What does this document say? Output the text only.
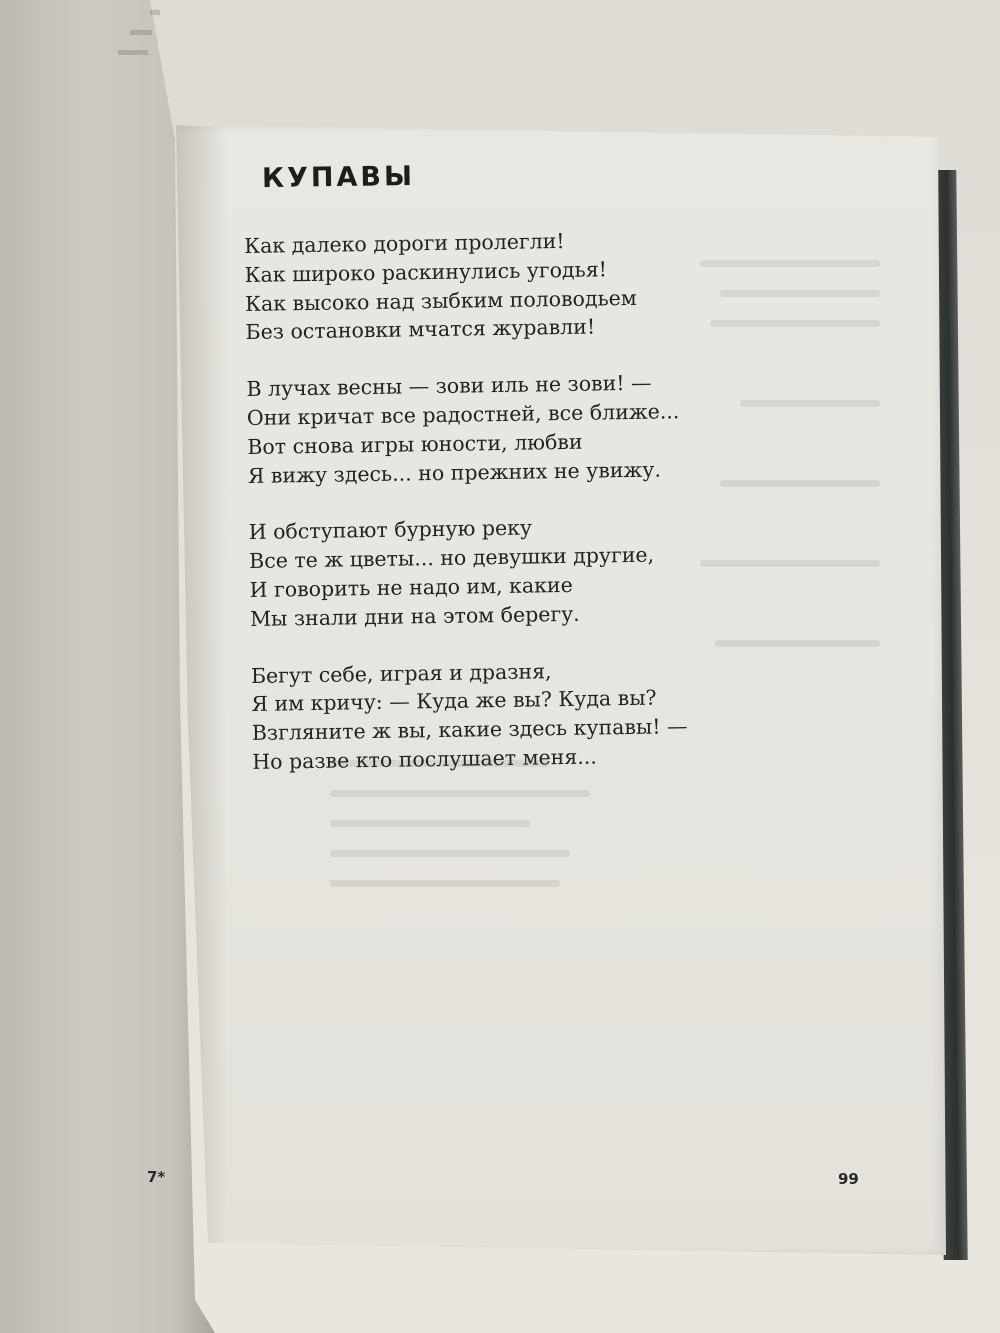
КУПАВЫ
Как далеко дороги пролегли!
Как широко раскинулись угодья!
Как высоко над зыбким половодьем
Без остановки мчатся журавли!
В лучах весны — зови иль не зови! —
Они кричат все радостней, все ближе...
Вот снова игры юности, любви
Я вижу здесь... но прежних не увижу.
И обступают бурную реку
Все те ж цветы... но девушки другие,
И говорить не надо им, какие
Мы знали дни на этом берегу.
Бегут себе, играя и дразня,
Я им кричу: — Куда же вы? Куда вы?
Взгляните ж вы, какие здесь купавы! —
Но разве кто послушает меня...
7*	99
